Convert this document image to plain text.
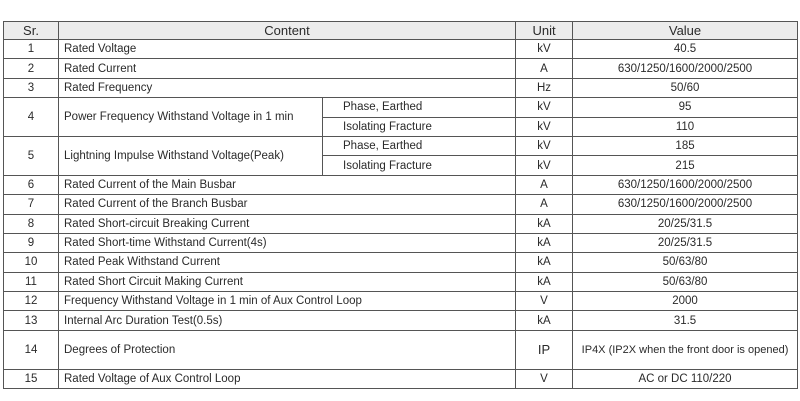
Sr.	Content		Unit	Value
1	Rated Voltage		kV	40.5
2	Rated Current		A	630/1250/1600/2000/2500
3	Rated Frequency		Hz	50/60
4	Power Frequency Withstand Voltage in 1 min	Phase, Earthed	kV	95
		Isolating Fracture	kV	110
5	Lightning Impulse Withstand Voltage(Peak)	Phase, Earthed	kV	185
		Isolating Fracture	kV	215
6	Rated Current of the Main Busbar		A	630/1250/1600/2000/2500
7	Rated Current of the Branch Busbar		A	630/1250/1600/2000/2500
8	Rated Short-circuit Breaking Current		kA	20/25/31.5
9	Rated Short-time Withstand Current(4s)		kA	20/25/31.5
10	Rated Peak Withstand Current		kA	50/63/80
11	Rated Short Circuit Making Current		kA	50/63/80
12	Frequency Withstand Voltage in 1 min of Aux Control Loop		V	2000
13	Internal Arc Duration Test(0.5s)		kA	31.5
14	Degrees of Protection		IP	IP4X (IP2X when the front door is opened)
15	Rated Voltage of Aux Control Loop		V	AC or DC 110/220
